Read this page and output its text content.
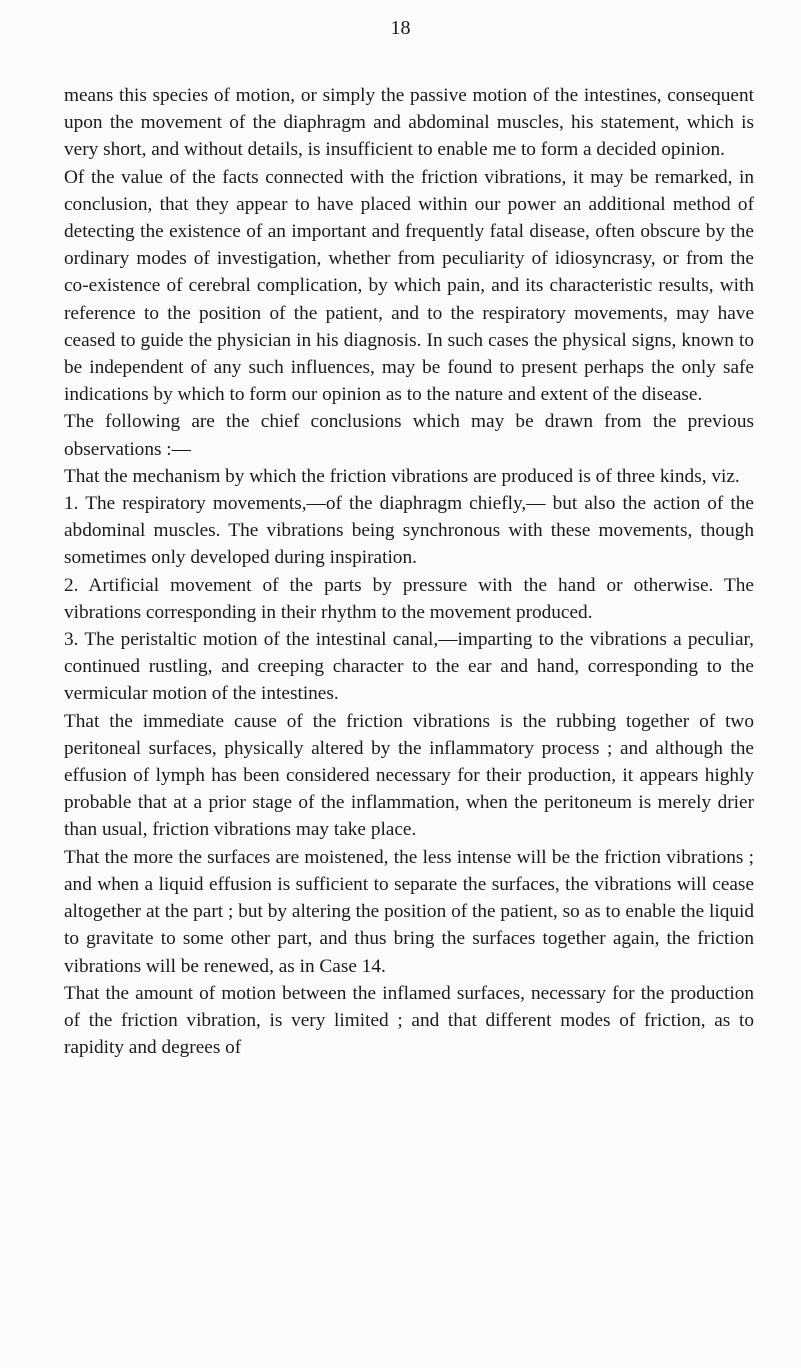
18

means this species of motion, or simply the passive motion of the intestines, consequent upon the movement of the diaphragm and abdominal muscles, his statement, which is very short, and without details, is insufficient to enable me to form a decided opinion.

Of the value of the facts connected with the friction vibrations, it may be remarked, in conclusion, that they appear to have placed within our power an additional method of detecting the existence of an important and frequently fatal disease, often obscure by the ordinary modes of investigation, whether from peculiarity of idiosyncrasy, or from the co-existence of cerebral complication, by which pain, and its characteristic results, with reference to the position of the patient, and to the respiratory movements, may have ceased to guide the physician in his diagnosis. In such cases the physical signs, known to be independent of any such influences, may be found to present perhaps the only safe indications by which to form our opinion as to the nature and extent of the disease.

The following are the chief conclusions which may be drawn from the previous observations :—

That the mechanism by which the friction vibrations are produced is of three kinds, viz.

1. The respiratory movements,—of the diaphragm chiefly,— but also the action of the abdominal muscles. The vibrations being synchronous with these movements, though sometimes only developed during inspiration.

2. Artificial movement of the parts by pressure with the hand or otherwise. The vibrations corresponding in their rhythm to the movement produced.

3. The peristaltic motion of the intestinal canal,—imparting to the vibrations a peculiar, continued rustling, and creeping character to the ear and hand, corresponding to the vermicular motion of the intestines.

That the immediate cause of the friction vibrations is the rubbing together of two peritoneal surfaces, physically altered by the inflammatory process ; and although the effusion of lymph has been considered necessary for their production, it appears highly probable that at a prior stage of the inflammation, when the peritoneum is merely drier than usual, friction vibrations may take place.

That the more the surfaces are moistened, the less intense will be the friction vibrations ; and when a liquid effusion is sufficient to separate the surfaces, the vibrations will cease altogether at the part ; but by altering the position of the patient, so as to enable the liquid to gravitate to some other part, and thus bring the surfaces together again, the friction vibrations will be renewed, as in Case 14.

That the amount of motion between the inflamed surfaces, necessary for the production of the friction vibration, is very limited ; and that different modes of friction, as to rapidity and degrees of
